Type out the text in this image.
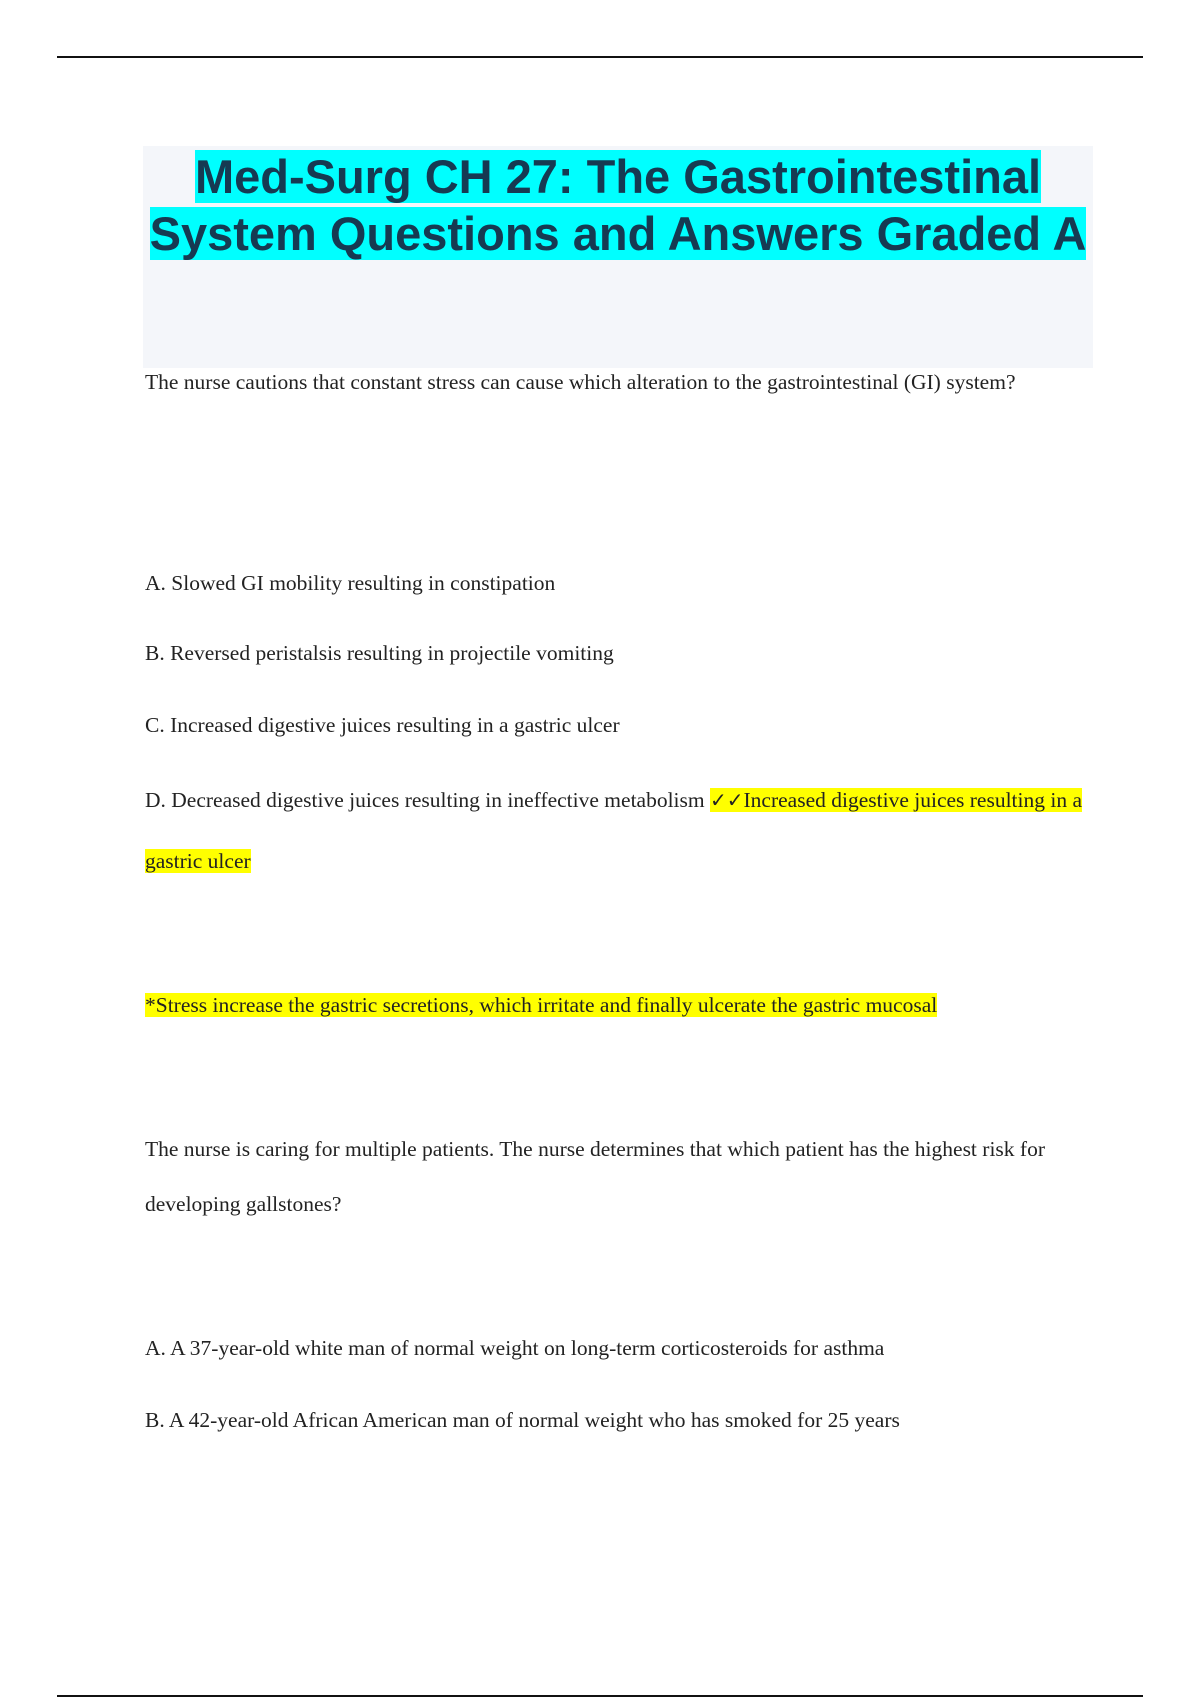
Med-Surg CH 27: The Gastrointestinal System Questions and Answers Graded A

The nurse cautions that constant stress can cause which alteration to the gastrointestinal (GI) system?

A. Slowed GI mobility resulting in constipation

B. Reversed peristalsis resulting in projectile vomiting

C. Increased digestive juices resulting in a gastric ulcer

D. Decreased digestive juices resulting in ineffective metabolism ✓✓Increased digestive juices resulting in a gastric ulcer

*Stress increase the gastric secretions, which irritate and finally ulcerate the gastric mucosal

The nurse is caring for multiple patients. The nurse determines that which patient has the highest risk for developing gallstones?

A. A 37-year-old white man of normal weight on long-term corticosteroids for asthma

B. A 42-year-old African American man of normal weight who has smoked for 25 years
